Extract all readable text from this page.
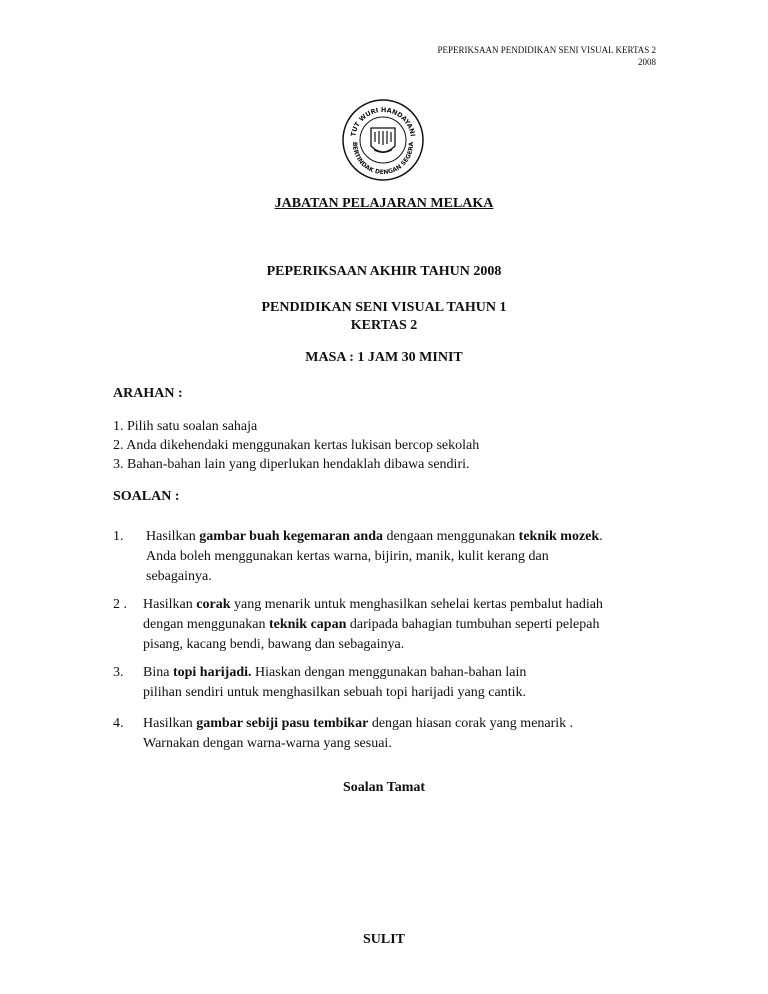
PEPERIKSAAN PENDIDIKAN SENI VISUAL KERTAS 2
2008
TUT WURI HANDAYANI
BERTINDAK DENGAN SEGERA
JABATAN PELAJARAN MELAKA
PEPERIKSAAN AKHIR TAHUN 2008
PENDIDIKAN SENI VISUAL TAHUN 1
KERTAS 2
MASA : 1 JAM 30 MINIT
ARAHAN :
1. Pilih satu soalan sahaja
2. Anda dikehendaki menggunakan kertas lukisan bercop sekolah
3. Bahan-bahan lain yang diperlukan hendaklah dibawa sendiri.
SOALAN :
1. Hasilkan gambar buah kegemaran anda dengaan menggunakan teknik mozek.
Anda boleh menggunakan kertas warna, bijirin, manik, kulit kerang dan
sebagainya.
2 . Hasilkan corak yang menarik untuk menghasilkan sehelai kertas pembalut hadiah
dengan menggunakan teknik capan daripada bahagian tumbuhan seperti pelepah
pisang, kacang bendi, bawang dan sebagainya.
3. Bina topi harijadi. Hiaskan dengan menggunakan bahan-bahan lain
pilihan sendiri untuk menghasilkan sebuah topi harijadi yang cantik.
4. Hasilkan gambar sebiji pasu tembikar dengan hiasan corak yang menarik .
Warnakan dengan warna-warna yang sesuai.
Soalan Tamat
SULIT
